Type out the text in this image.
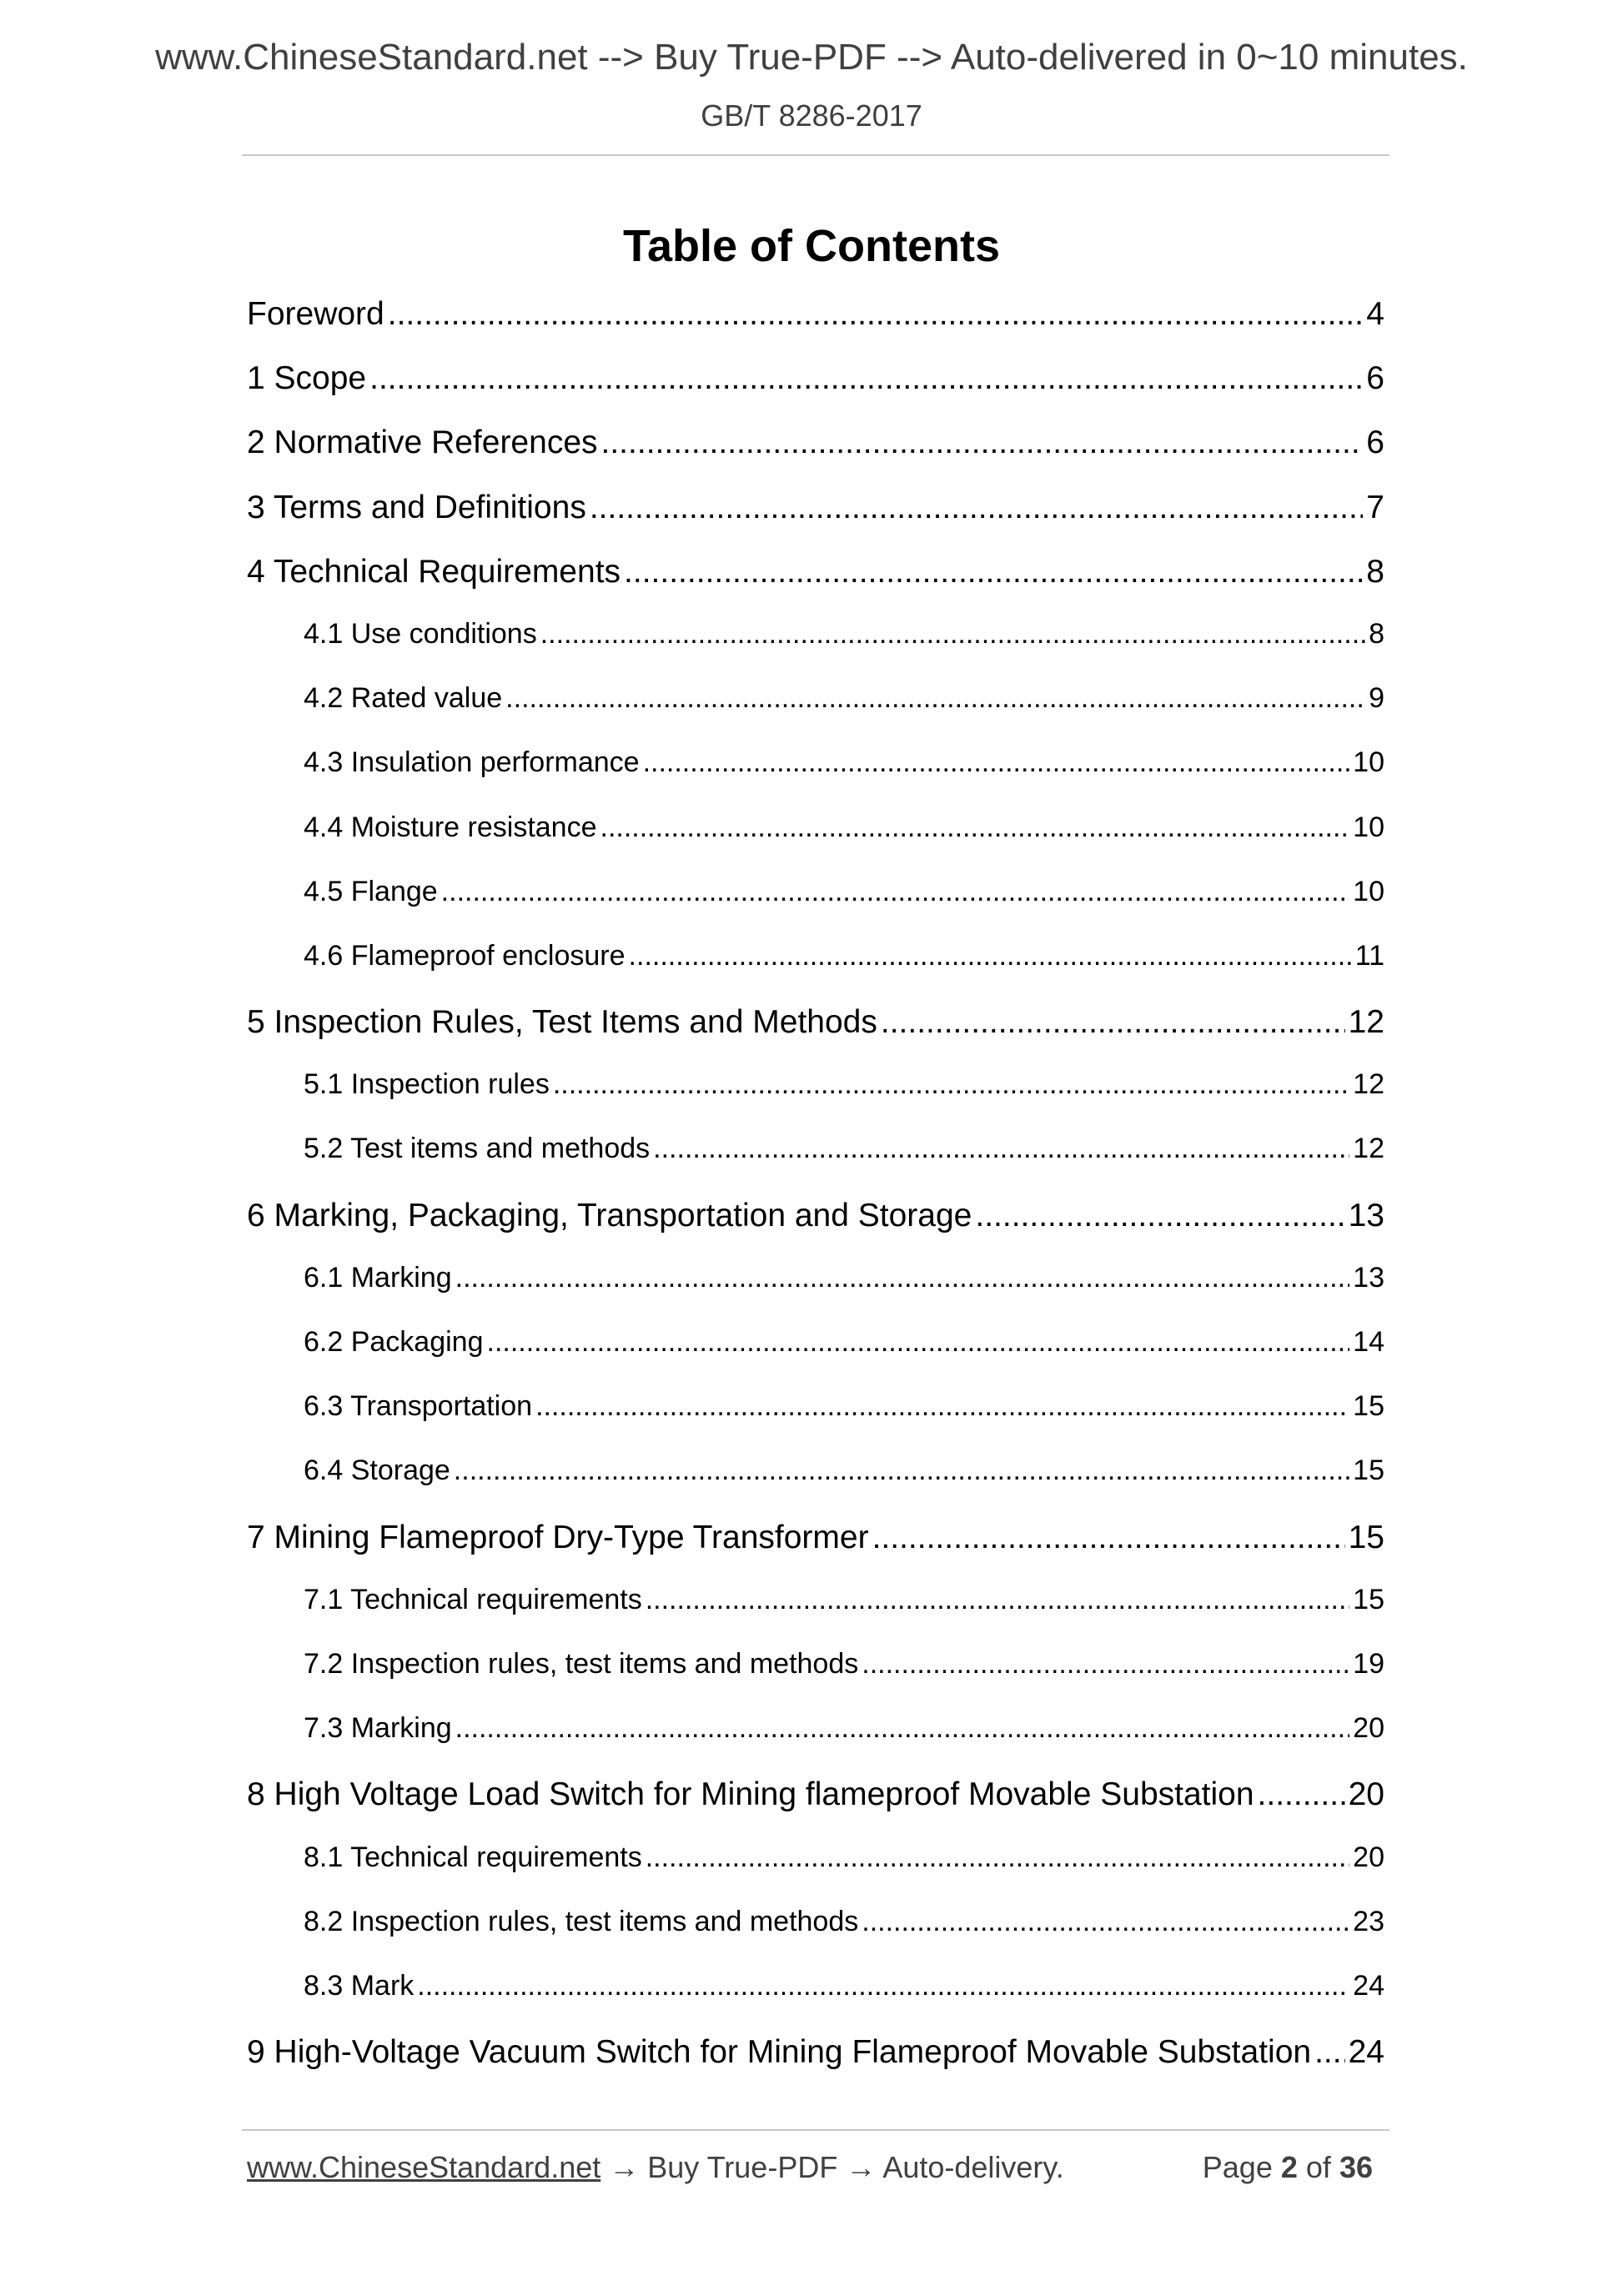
www.ChineseStandard.net --> Buy True-PDF --> Auto-delivered in 0~10 minutes.
GB/T 8286-2017
Table of Contents
Foreword .....	4
1 Scope .....	6
2 Normative References .....	6
3 Terms and Definitions .....	7
4 Technical Requirements .....	8
4.1 Use conditions .....	8
4.2 Rated value .....	9
4.3 Insulation performance .....	10
4.4 Moisture resistance .....	10
4.5 Flange .....	10
4.6 Flameproof enclosure .....	11
5 Inspection Rules, Test Items and Methods .....	12
5.1 Inspection rules .....	12
5.2 Test items and methods .....	12
6 Marking, Packaging, Transportation and Storage .....	13
6.1 Marking .....	13
6.2 Packaging .....	14
6.3 Transportation .....	15
6.4 Storage .....	15
7 Mining Flameproof Dry-Type Transformer .....	15
7.1 Technical requirements .....	15
7.2 Inspection rules, test items and methods .....	19
7.3 Marking .....	20
8 High Voltage Load Switch for Mining flameproof Movable Substation .....	20
8.1 Technical requirements .....	20
8.2 Inspection rules, test items and methods .....	23
8.3 Mark .....	24
9 High-Voltage Vacuum Switch for Mining Flameproof Movable Substation ..... 24
www.ChineseStandard.net → Buy True-PDF → Auto-delivery.	Page 2 of 36
